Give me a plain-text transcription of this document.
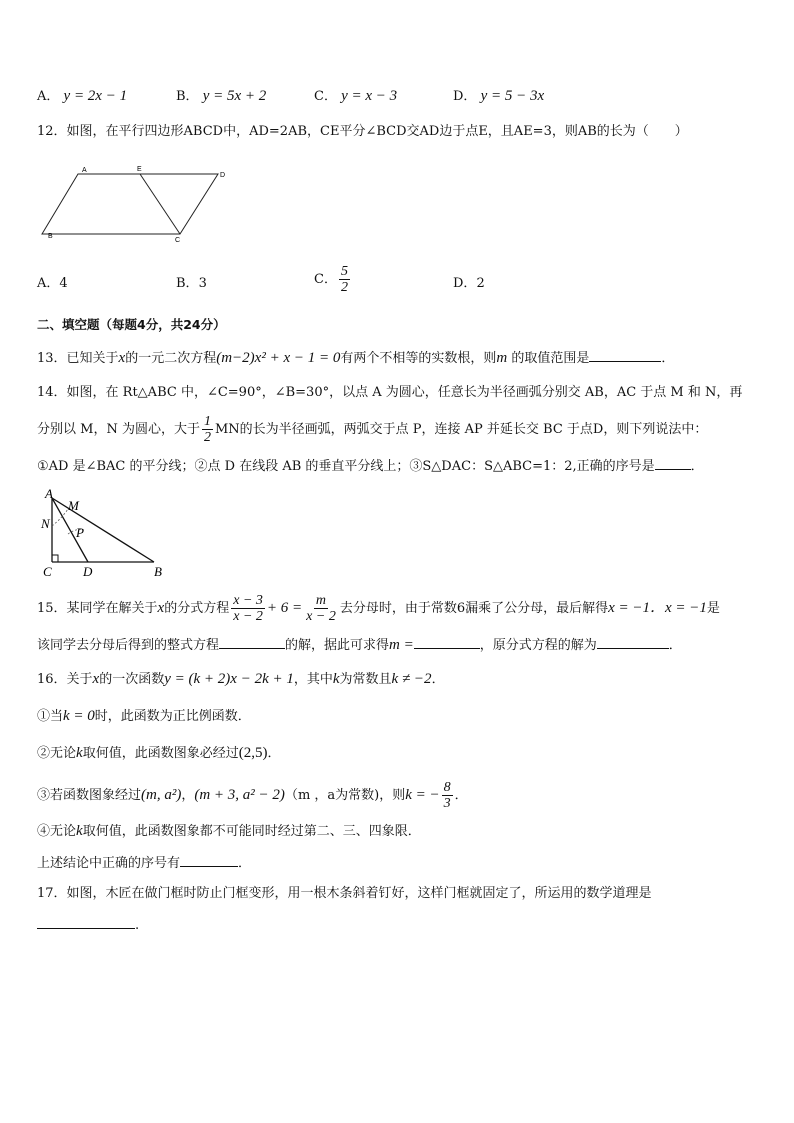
A． y = 2x − 1	B． y = 5x + 2	C． y = x − 3	D． y = 5 − 3x
12．如图，在平行四边形ABCD中，AD=2AB，CE平分∠BCD交AD边于点E，且AE=3，则AB的长为（　　）
A	E
D
B
C
A．4	B．3	C． $\frac{5}{2}$	D．2
二、填空题（每题4分，共24分）
13．已知关于x的一元二次方程(m−2)x² + x − 1 = 0有两个不相等的实数根，则m 的取值范围是	．
14．如图，在 Rt△ABC 中，∠C=90°，∠B=30°，以点 A 为圆心，任意长为半径画弧分别交 AB，AC 于点 M 和 N，再
分别以 M，N 为圆心，大于 $\frac{1}{2}$ MN的长为半径画弧，两弧交于点 P，连接 AP 并延长交 BC 于点D，则下列说法中：
①AD 是∠BAC 的平分线；②点 D 在线段 AB 的垂直平分线上；③S△DAC：S△ABC=1：2,正确的序号是	．
A
M
N
P
C D	B
15．某同学在解关于x的分式方程 $\frac{x - 3}{x - 2} + 6 = \frac{m}{x - 2}$ 去分母时，由于常数6漏乘了公分母，最后解得x = −1．x = −1是
该同学去分母后得到的整式方程	的解，据此可求得m =	，原分式方程的解为	．
16．关于x的一次函数y = (k + 2)x − 2k + 1，其中k为常数且k ≠ −2．
①当k = 0时，此函数为正比例函数．
②无论k取何值，此函数图象必经过(2,5)．
③若函数图象经过(m, a²)，(m + 3, a² − 2)（m ，a为常数)，则k = − $\frac{8}{3}$ ．
④无论k取何值，此函数图象都不可能同时经过第二、三、四象限．
上述结论中正确的序号有	．
17．如图，木匠在做门框时防止门框变形，用一根木条斜着钉好，这样门框就固定了，所运用的数学道理是
.
